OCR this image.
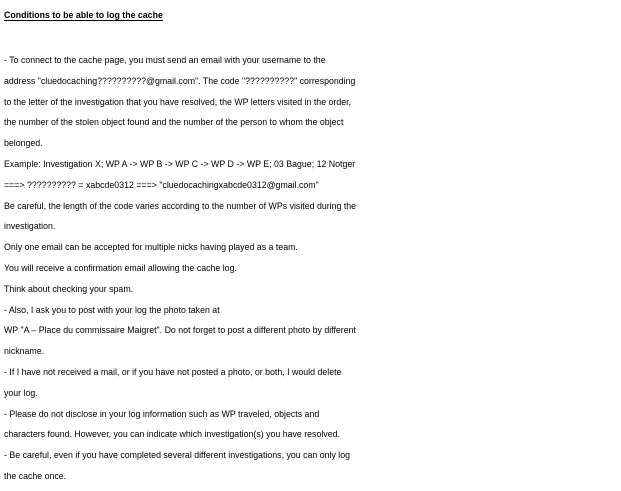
Conditions to be able to log the cache

- To connect to the cache page, you must send an email with your username to the

address "cluedocaching??????????@gmail.com". The code "??????????" corresponding

to the letter of the investigation that you have resolved, the WP letters visited in the order,

the number of the stolen object found and the number of the person to whom the object

belonged.

Example: Investigation X; WP A -> WP B -> WP C -> WP D -> WP E; 03 Bague; 12 Notger

===> ?????????? = xabcde0312 ===> "cluedocachingxabcde0312@gmail.com"

Be careful, the length of the code varies according to the number of WPs visited during the

investigation.

Only one email can be accepted for multiple nicks having played as a team.

You will receive a confirmation email allowing the cache log.

Think about checking your spam.

- Also, I ask you to post with your log the photo taken at

WP "A – Place du commissaire Maigret". Do not forget to post a different photo by different

nickname.

- If I have not received a mail, or if you have not posted a photo, or both, I would delete

your log.

- Please do not disclose in your log information such as WP traveled, objects and

characters found. However, you can indicate which investigation(s) you have resolved.

- Be careful, even if you have completed several different investigations, you can only log

the cache once.
